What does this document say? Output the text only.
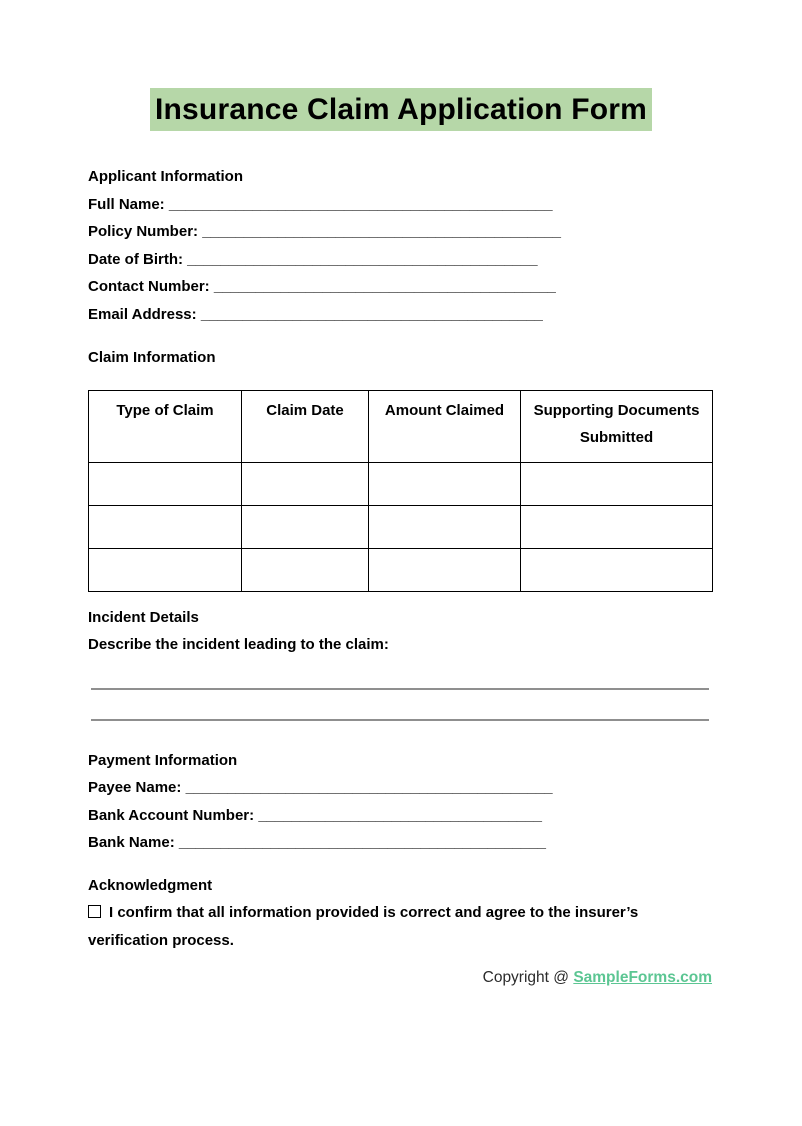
Insurance Claim Application Form

Applicant Information

Full Name: ______________________________________________

Policy Number: ___________________________________________

Date of Birth: __________________________________________

Contact Number: _________________________________________

Email Address: _________________________________________

Claim Information

Type of Claim	Claim Date	Amount Claimed	Supporting Documents Submitted

Incident Details

Describe the incident leading to the claim:

Payment Information

Payee Name: ____________________________________________

Bank Account Number: __________________________________

Bank Name: ____________________________________________

Acknowledgment

I confirm that all information provided is correct and agree to the insurer’s verification process.

Copyright @ SampleForms.com
